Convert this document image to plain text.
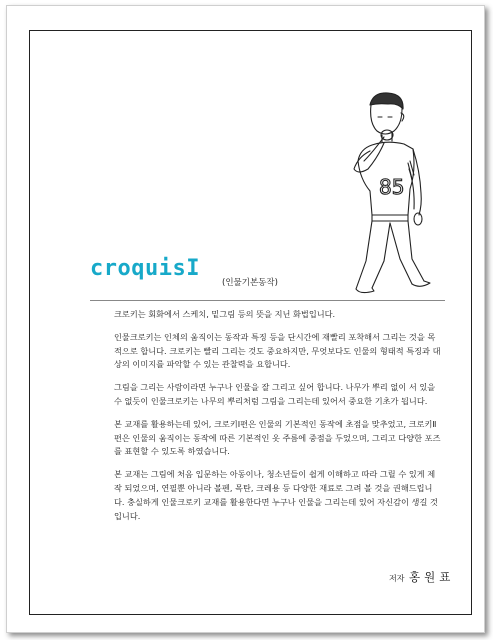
85
croquisI
(인물기본동작)

크로키는 회화에서 스케치, 밑그림 등의 뜻을 지닌 화법입니다.

인물크로키는 인체의 움직이는 동작과 특징 등을 단시간에 재빨리 포착해서 그리는 것을 목적으로 합니다. 크로키는 빨리 그리는 것도 중요하지만, 무엇보다도 인물의 형태적 특징과 대상의 이미지를 파악할 수 있는 관찰력을 요합니다.

그림을 그리는 사람이라면 누구나 인물을 잘 그리고 싶어 합니다. 나무가 뿌리 없이 서 있을 수 없듯이 인물크로키는 나무의 뿌리처럼 그림을 그리는데 있어서 중요한 기초가 됩니다.

본 교재를 활용하는데 있어, 크로키Ⅰ편은 인물의 기본적인 동작에 초점을 맞추었고, 크로키Ⅱ편은 인물의 움직이는 동작에 따른 기본적인 옷 주름에 중점을 두었으며, 그리고 다양한 포즈를 표현할 수 있도록 하였습니다.

본 교재는 그림에 처음 입문하는 아동이나, 청소년들이 쉽게 이해하고 따라 그릴 수 있게 제작 되었으며, 연필뿐 아니라 볼펜, 목탄, 크레용 등 다양한 재료로 그려 볼 것을 권해드립니다. 충실하게 인물크로키 교재를 활용한다면 누구나 인물을 그리는데 있어 자신감이 생길 것입니다.

저자 홍원표
